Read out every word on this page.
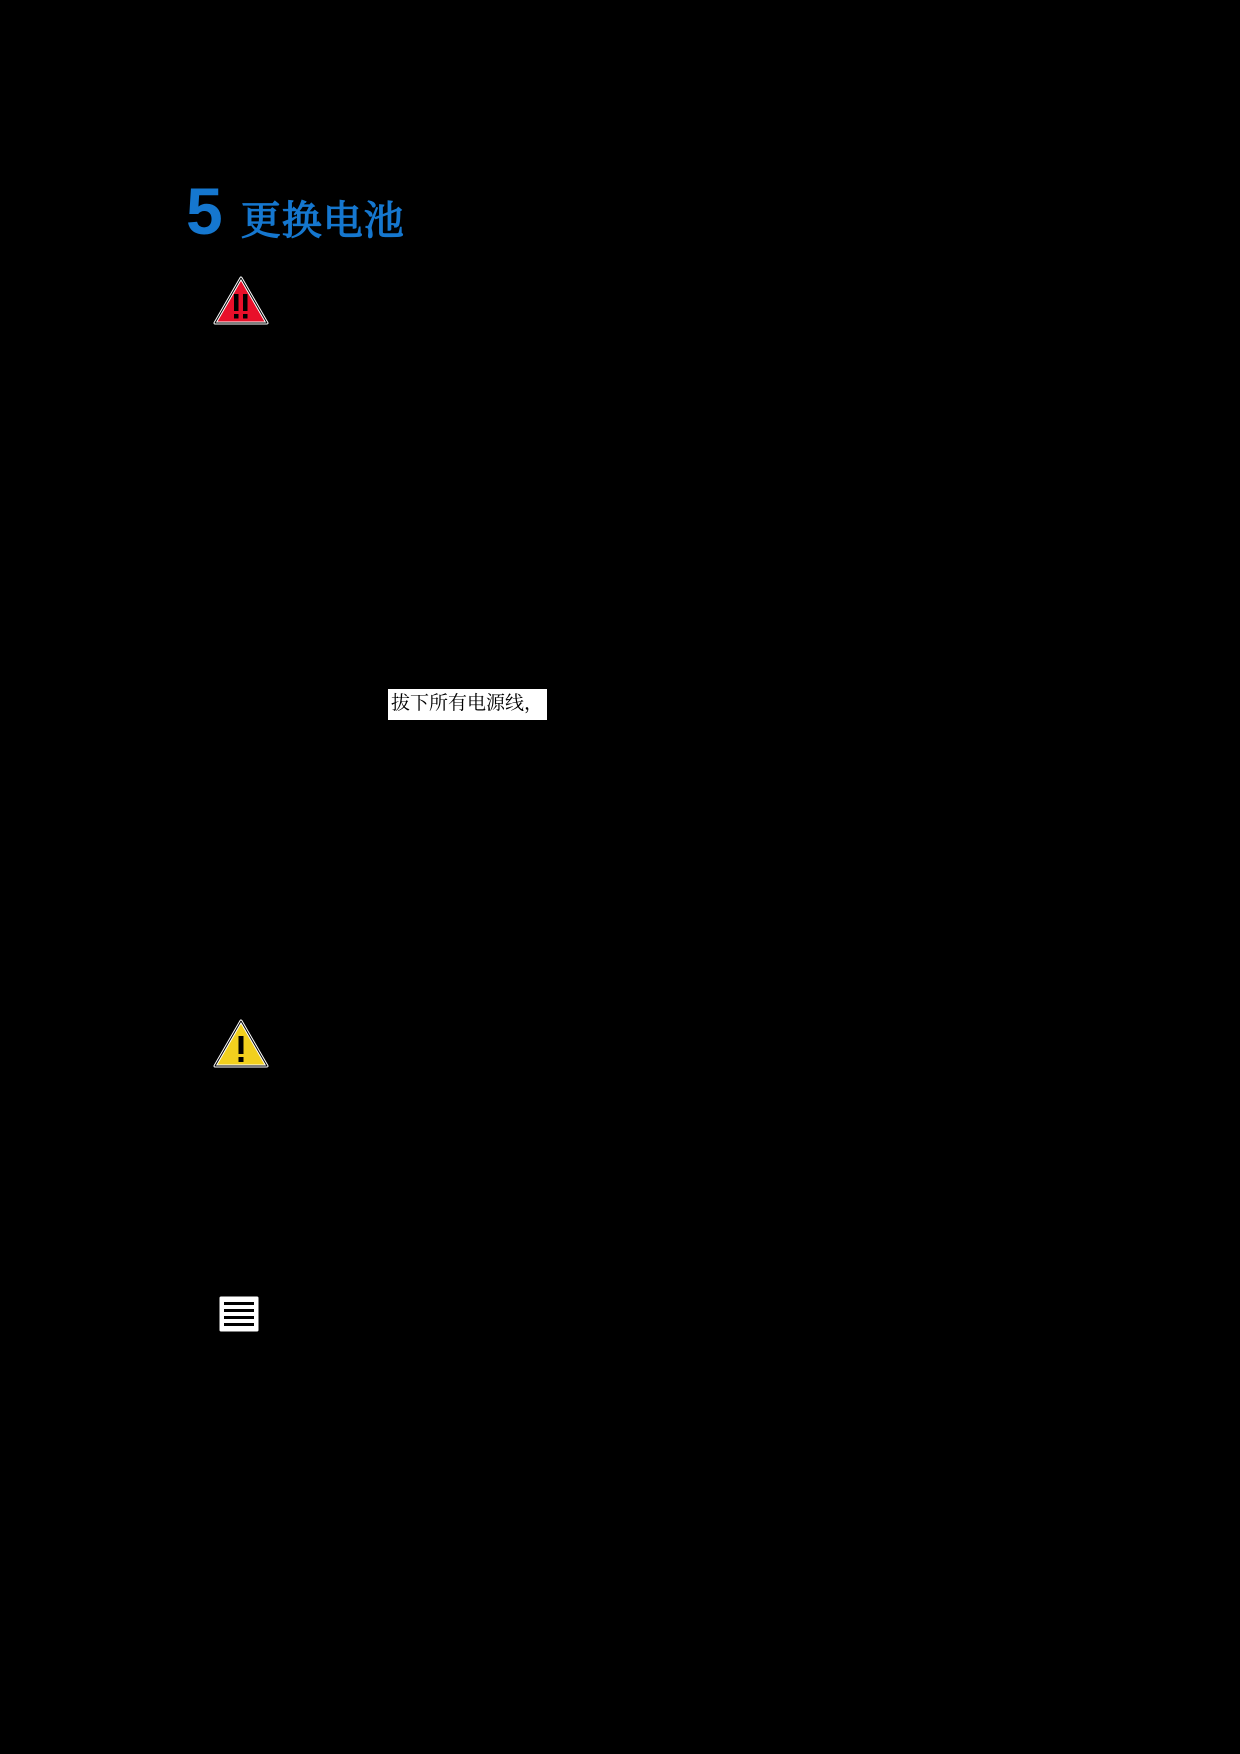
5 更换电池
拔下所有电源线，
